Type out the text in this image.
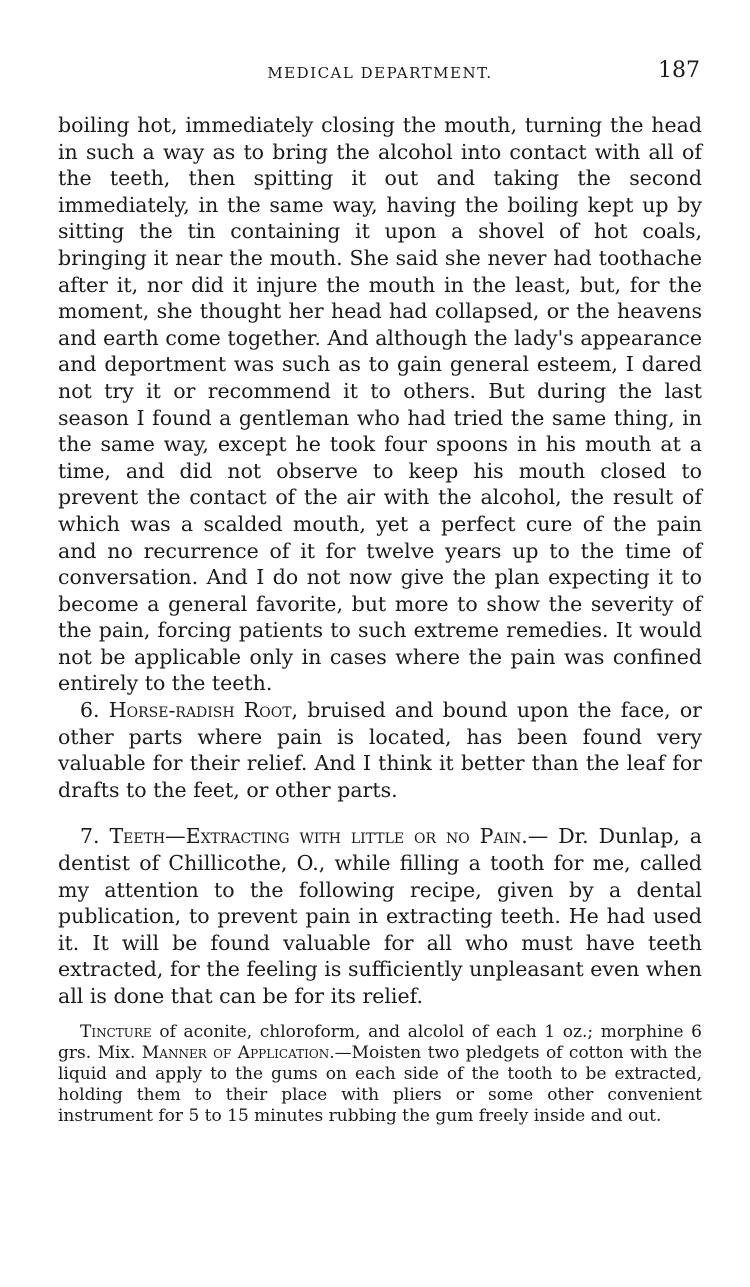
MEDICAL DEPARTMENT.	187

boiling hot, immediately closing the mouth, turning the head in such a way as to bring the alcohol into contact with all of the teeth, then spitting it out and taking the second immediately, in the same way, having the boiling kept up by sitting the tin containing it upon a shovel of hot coals, bringing it near the mouth. She said she never had toothache after it, nor did it injure the mouth in the least, but, for the moment, she thought her head had collapsed, or the heavens and earth come together. And although the lady's appearance and deportment was such as to gain general esteem, I dared not try it or recommend it to others. But during the last season I found a gentleman who had tried the same thing, in the same way, except he took four spoons in his mouth at a time, and did not observe to keep his mouth closed to prevent the contact of the air with the alcohol, the result of which was a scalded mouth, yet a perfect cure of the pain and no recurrence of it for twelve years up to the time of conversation. And I do not now give the plan expecting it to become a general favorite, but more to show the severity of the pain, forcing patients to such extreme remedies. It would not be applicable only in cases where the pain was confined entirely to the teeth.

6. Horse-radish Root, bruised and bound upon the face, or other parts where pain is located, has been found very valuable for their relief. And I think it better than the leaf for drafts to the feet, or other parts.

7. Teeth—Extracting with little or no Pain.— Dr. Dunlap, a dentist of Chillicothe, O., while filling a tooth for me, called my attention to the following recipe, given by a dental publication, to prevent pain in extracting teeth. He had used it. It will be found valuable for all who must have teeth extracted, for the feeling is sufficiently unpleasant even when all is done that can be for its relief.

Tincture of aconite, chloroform, and alcolol of each 1 oz.; morphine 6 grs. Mix. Manner of Application.—Moisten two pledgets of cotton with the liquid and apply to the gums on each side of the tooth to be extracted, holding them to their place with pliers or some other convenient instrument for 5 to 15 minutes rubbing the gum freely inside and out.
